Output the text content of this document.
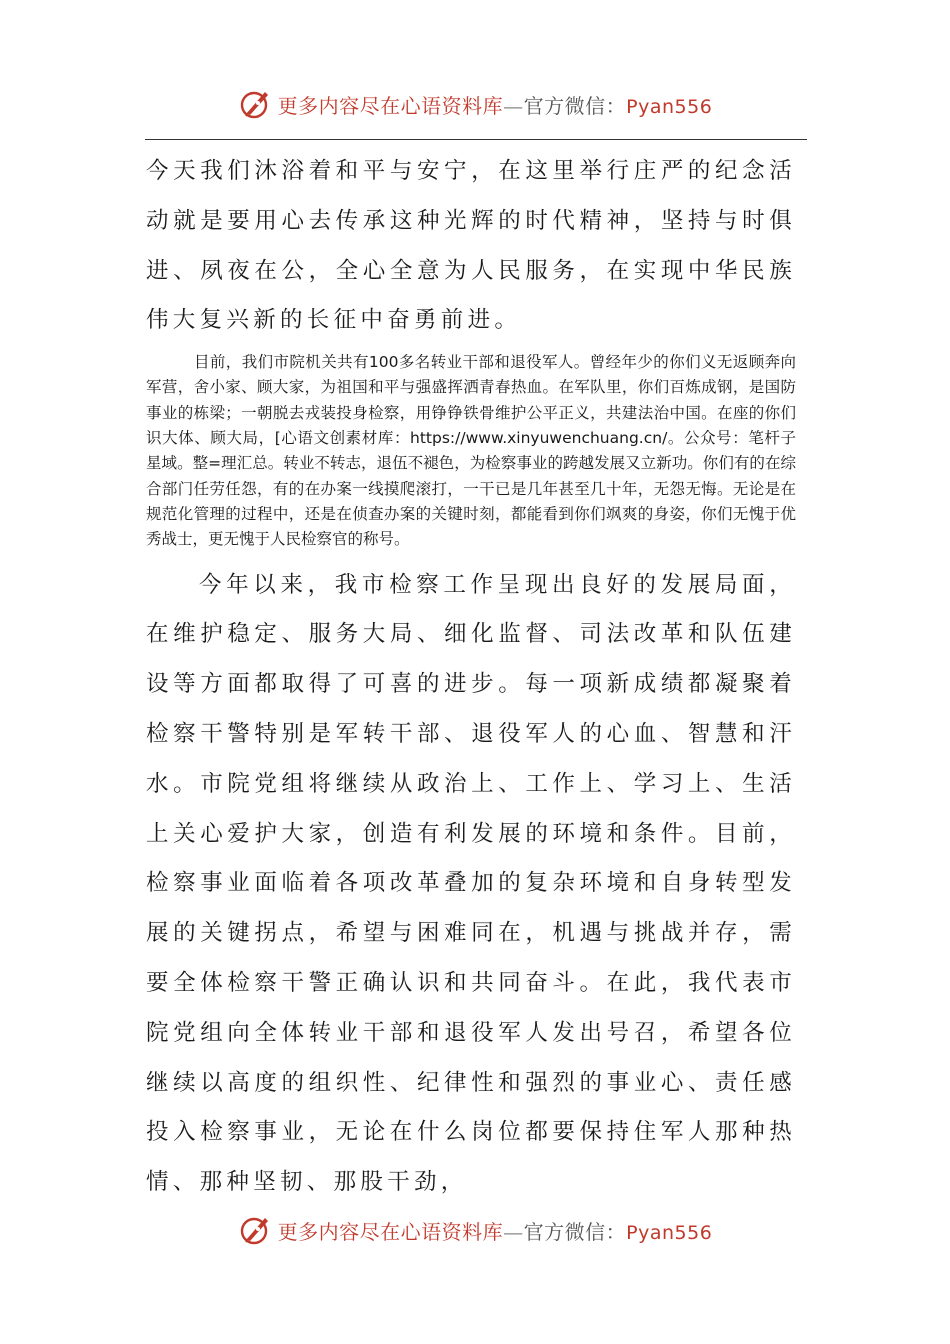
更多内容尽在心语资料库—官方微信：Pyan556

今天我们沐浴着和平与安宁，在这里举行庄严的纪念活动就是要用心去传承这种光辉的时代精神，坚持与时俱进、夙夜在公，全心全意为人民服务，在实现中华民族伟大复兴新的长征中奋勇前进。

目前，我们市院机关共有100多名转业干部和退役军人。曾经年少的你们义无返顾奔向军营，舍小家、顾大家，为祖国和平与强盛挥洒青春热血。在军队里，你们百炼成钢，是国防事业的栋梁；一朝脱去戎装投身检察，用铮铮铁骨维护公平正义，共建法治中国。在座的你们识大体、顾大局，[心语文创素材库：https://www.xinyuwenchuang.cn/。公众号：笔杆子星域。整=理汇总。转业不转志，退伍不褪色，为检察事业的跨越发展又立新功。你们有的在综合部门任劳任怨，有的在办案一线摸爬滚打，一干已是几年甚至几十年，无怨无悔。无论是在规范化管理的过程中，还是在侦查办案的关键时刻，都能看到你们飒爽的身姿，你们无愧于优秀战士，更无愧于人民检察官的称号。

今年以来，我市检察工作呈现出良好的发展局面，在维护稳定、服务大局、细化监督、司法改革和队伍建设等方面都取得了可喜的进步。每一项新成绩都凝聚着检察干警特别是军转干部、退役军人的心血、智慧和汗水。市院党组将继续从政治上、工作上、学习上、生活上关心爱护大家，创造有利发展的环境和条件。目前，检察事业面临着各项改革叠加的复杂环境和自身转型发展的关键拐点，希望与困难同在，机遇与挑战并存，需要全体检察干警正确认识和共同奋斗。在此，我代表市院党组向全体转业干部和退役军人发出号召，希望各位继续以高度的组织性、纪律性和强烈的事业心、责任感投入检察事业，无论在什么岗位都要保持住军人那种热情、那种坚韧、那股干劲，

更多内容尽在心语资料库—官方微信：Pyan556
